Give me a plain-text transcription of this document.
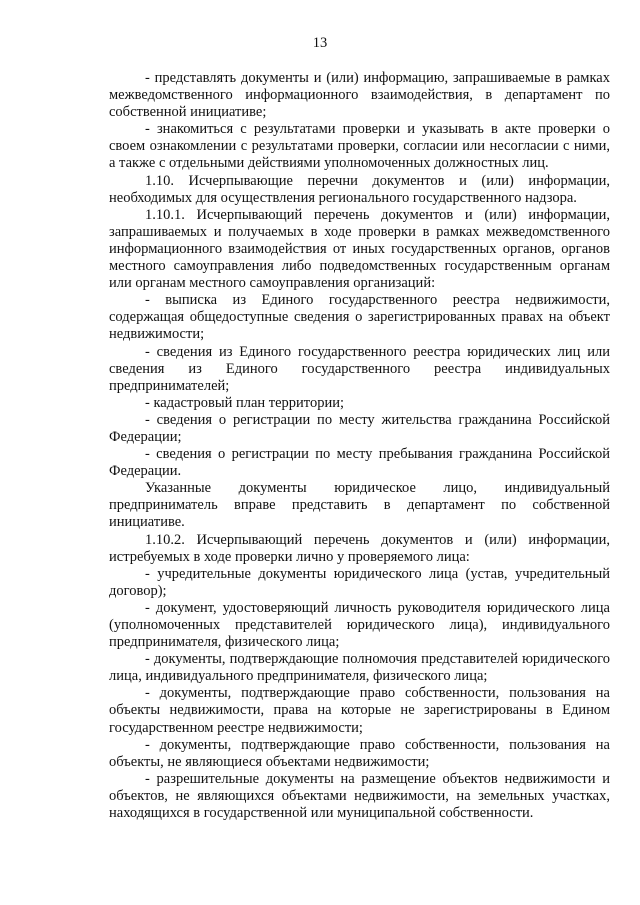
13

- представлять документы и (или) информацию, запрашиваемые в рамках межведомственного информационного взаимодействия, в департамент по собственной инициативе;

- знакомиться с результатами проверки и указывать в акте проверки о своем ознакомлении с результатами проверки, согласии или несогласии с ними, а также с отдельными действиями уполномоченных должностных лиц.

1.10. Исчерпывающие перечни документов и (или) информации, необходимых для осуществления регионального государственного надзора.

1.10.1. Исчерпывающий перечень документов и (или) информации, запрашиваемых и получаемых в ходе проверки в рамках межведомственного информационного взаимодействия от иных государственных органов, органов местного самоуправления либо подведомственных государственным органам или органам местного самоуправления организаций:

- выписка из Единого государственного реестра недвижимости, содержащая общедоступные сведения о зарегистрированных правах на объект недвижимости;

- сведения из Единого государственного реестра юридических лиц или сведения из Единого государственного реестра индивидуальных предпринимателей;

- кадастровый план территории;

- сведения о регистрации по месту жительства гражданина Российской Федерации;

- сведения о регистрации по месту пребывания гражданина Российской Федерации.

Указанные документы юридическое лицо, индивидуальный предприниматель вправе представить в департамент по собственной инициативе.

1.10.2. Исчерпывающий перечень документов и (или) информации, истребуемых в ходе проверки лично у проверяемого лица:

- учредительные документы юридического лица (устав, учредительный договор);

- документ, удостоверяющий личность руководителя юридического лица (уполномоченных представителей юридического лица), индивидуального предпринимателя, физического лица;

- документы, подтверждающие полномочия представителей юридического лица, индивидуального предпринимателя, физического лица;

- документы, подтверждающие право собственности, пользования на объекты недвижимости, права на которые не зарегистрированы в Едином государственном реестре недвижимости;

- документы, подтверждающие право собственности, пользования на объекты, не являющиеся объектами недвижимости;

- разрешительные документы на размещение объектов недвижимости и объектов, не являющихся объектами недвижимости, на земельных участках, находящихся в государственной или муниципальной собственности.
